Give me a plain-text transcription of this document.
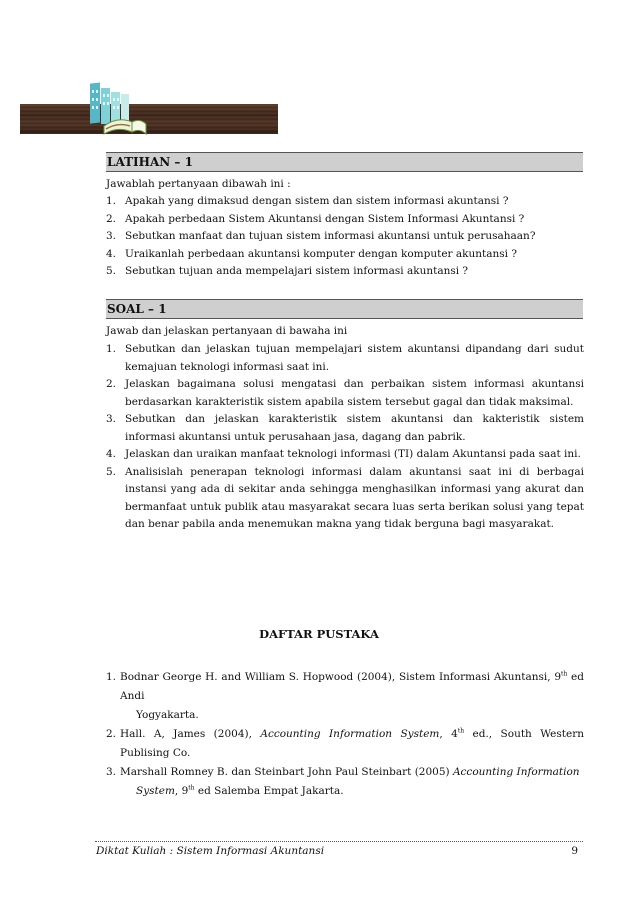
LATIHAN – 1
Jawablah pertanyaan dibawah ini :
1. Apakah yang dimaksud dengan sistem dan sistem informasi akuntansi ?
2. Apakah perbedaan Sistem Akuntansi dengan Sistem Informasi Akuntansi ?
3. Sebutkan manfaat dan tujuan sistem informasi akuntansi untuk perusahaan?
4. Uraikanlah perbedaan akuntansi komputer dengan komputer akuntansi ?
5. Sebutkan tujuan anda mempelajari sistem informasi akuntansi ?
SOAL – 1
Jawab dan jelaskan pertanyaan di bawaha ini
1. Sebutkan dan jelaskan tujuan mempelajari sistem akuntansi dipandang dari sudut kemajuan teknologi informasi saat ini.
2. Jelaskan bagaimana solusi mengatasi dan perbaikan sistem informasi akuntansi berdasarkan karakteristik sistem apabila sistem tersebut gagal dan tidak maksimal.
3. Sebutkan dan jelaskan karakteristik sistem akuntansi dan kakteristik sistem informasi akuntansi untuk perusahaan jasa, dagang dan pabrik.
4. Jelaskan dan uraikan manfaat teknologi informasi (TI) dalam Akuntansi pada saat ini.
5. Analisislah penerapan teknologi informasi dalam akuntansi saat ini di berbagai instansi yang ada di sekitar anda sehingga menghasilkan informasi yang akurat dan bermanfaat untuk publik atau masyarakat secara luas serta berikan solusi yang tepat dan benar pabila anda menemukan makna yang tidak berguna bagi masyarakat.
DAFTAR PUSTAKA
1. Bodnar George H. and William S. Hopwood (2004), Sistem Informasi Akuntansi, 9th ed Andi
Yogyakarta.
2. Hall. A, James (2004), Accounting Information System, 4th ed., South Western Publising Co.
3. Marshall Romney B. dan Steinbart John Paul Steinbart (2005) Accounting Information
System, 9th ed Salemba Empat Jakarta.
Diktat Kuliah : Sistem Informasi Akuntansi	9
